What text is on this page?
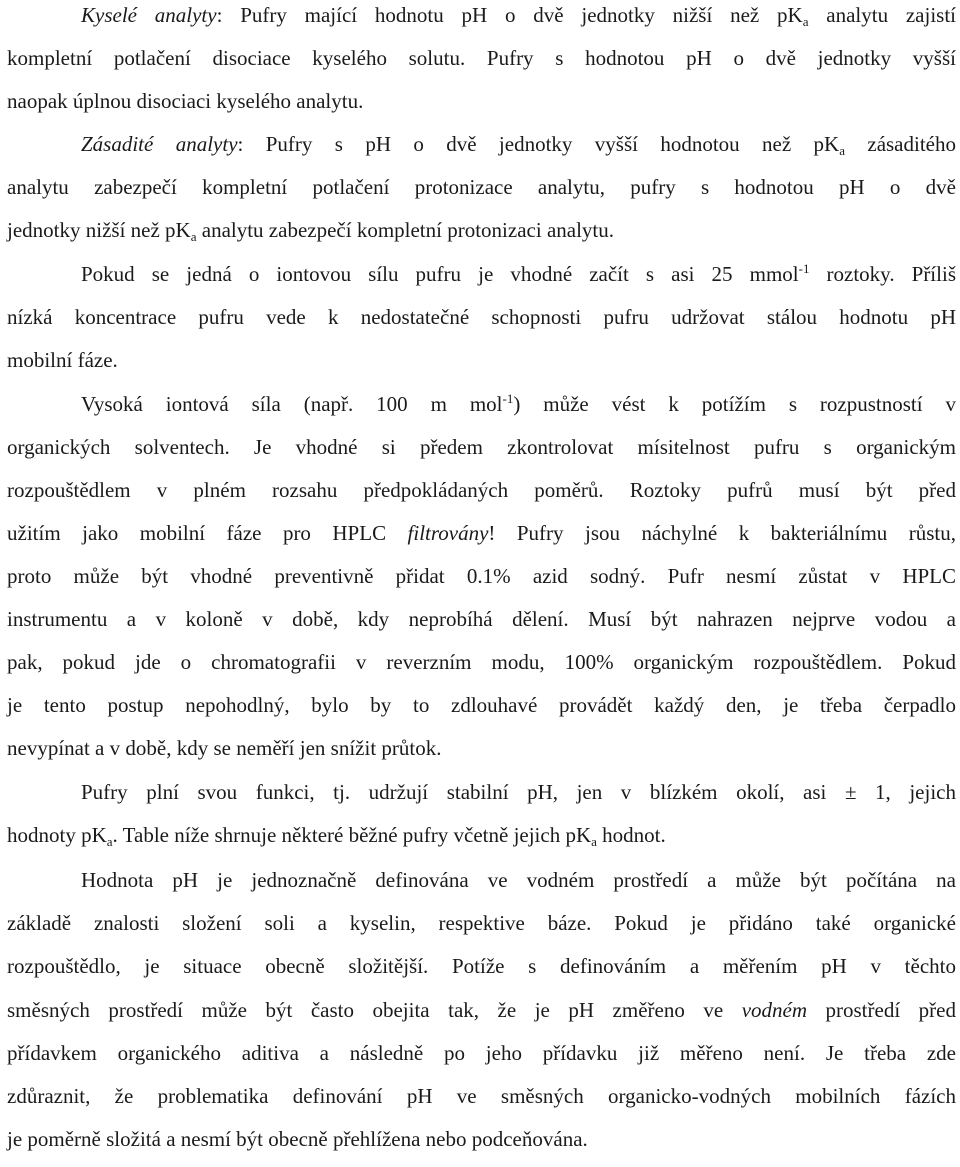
Kyselé analyty: Pufry mající hodnotu pH o dvě jednotky nižší než $pK_a$ analytu zajistí
kompletní potlačení disociace kyselého solutu. Pufry s hodnotou pH o dvě jednotky vyšší
naopak úplnou disociaci kyselého analytu.
Zásadité analyty: Pufry s pH o dvě jednotky vyšší hodnotou než $pK_a$ zásaditého
analytu zabezpečí kompletní potlačení protonizace analytu, pufry s hodnotou pH o dvě
jednotky nižší než $pK_a$ analytu zabezpečí kompletní protonizaci analytu.
Pokud se jedná o iontovou sílu pufru je vhodné začít s asi 25 mmol$^{-1}$ roztoky. Příliš
nízká koncentrace pufru vede k nedostatečné schopnosti pufru udržovat stálou hodnotu pH
mobilní fáze.
Vysoká iontová síla (např. 100 m mol$^{-1}$) může vést k potížím s rozpustností v
organických solventech. Je vhodné si předem zkontrolovat mísitelnost pufru s organickým
rozpouštědlem v plném rozsahu předpokládaných poměrů. Roztoky pufrů musí být před
užitím jako mobilní fáze pro HPLC filtrovány! Pufry jsou náchylné k bakteriálnímu růstu,
proto může být vhodné preventivně přidat 0.1% azid sodný. Pufr nesmí zůstat v HPLC
instrumentu a v koloně v době, kdy neprobíhá dělení. Musí být nahrazen nejprve vodou a
pak, pokud jde o chromatografii v reverzním modu, 100% organickým rozpouštědlem. Pokud
je tento postup nepohodlný, bylo by to zdlouhavé provádět každý den, je třeba čerpadlo
nevypínat a v době, kdy se neměří jen snížit průtok.
Pufry plní svou funkci, tj. udržují stabilní pH, jen v blízkém okolí, asi ± 1, jejich
hodnoty $pK_a$. Table níže shrnuje některé běžné pufry včetně jejich $pK_a$ hodnot.
Hodnota pH je jednoznačně definována ve vodném prostředí a může být počítána na
základě znalosti složení soli a kyselin, respektive báze. Pokud je přidáno také organické
rozpouštědlo, je situace obecně složitější. Potíže s definováním a měřením pH v těchto
směsných prostředí může být často obejita tak, že je pH změřeno ve vodném prostředí před
přídavkem organického aditiva a následně po jeho přídavku již měřeno není. Je třeba zde
zdůraznit, že problematika definování pH ve směsných organicko-vodných mobilních fázích
je poměrně složitá a nesmí být obecně přehlížena nebo podceňována.
